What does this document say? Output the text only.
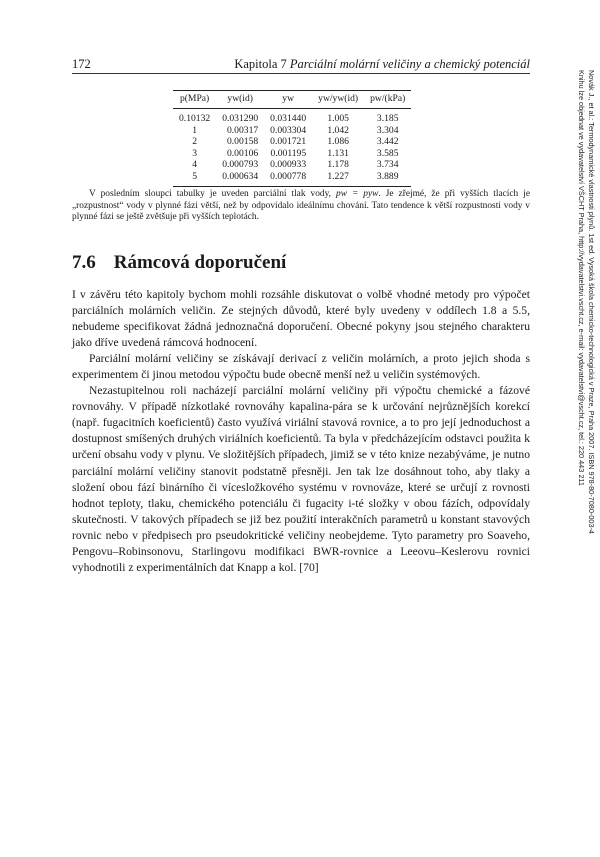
172	Kapitola 7 Parciální molární veličiny a chemický potenciál
p(MPa)	yw(id)	yw	yw/yw(id)	pw/(kPa)
0.10132	0.031290	0.031440	1.005	3.185
1	0.00317	0.003304	1.042	3.304
2	0.00158	0.001721	1.086	3.442
3	0.00106	0.001195	1.131	3.585
4	0.000793	0.000933	1.178	3.734
5	0.000634	0.000778	1.227	3.889
V posledním sloupci tabulky je uveden parciální tlak vody, pw = pyw. Je zřejmé, že při vyšších tlacích je „rozpustnost“ vody v plynné fázi větší, než by odpovídalo ideálnímu chování. Tato tendence k větší rozpustnosti vody v plynné fázi se ještě zvětšuje při vyšších teplotách.
7.6 Rámcová doporučení

I v závěru této kapitoly bychom mohli rozsáhle diskutovat o volbě vhodné metody pro výpočet parciálních molárních veličin. Ze stejných důvodů, které byly uvedeny v oddílech 1.8 a 5.5, nebudeme specifikovat žádná jednoznačná doporučení. Obecné pokyny jsou stejného charakteru jako dříve uvedená rámcová hodnocení.

Parciální molární veličiny se získávají derivací z veličin molárních, a proto jejich shoda s experimentem či jinou metodou výpočtu bude obecně menší než u veličin systémových.

Nezastupitelnou roli nacházejí parciální molární veličiny při výpočtu chemické a fázové rovnováhy. V případě nízkotlaké rovnováhy kapalina-pára se k určování nejrůznějších korekcí (např. fugacitních koeficientů) často využívá viriální stavová rovnice, a to pro její jednoduchost a dostupnost smíšených druhých viriálních koeficientů. Ta byla v předcházejícím odstavci použita k určení obsahu vody v plynu. Ve složitějších případech, jimiž se v této knize nezabýváme, je nutno parciální molární veličiny stanovit podstatně přesněji. Jen tak lze dosáhnout toho, aby tlaky a složení obou fází binárního či vícesložkového systému v rovnováze, které se určují z rovnosti hodnot teploty, tlaku, chemického potenciálu či fugacity i-té složky v obou fázích, odpovídaly skutečnosti. V takových případech se již bez použití interakčních parametrů u konstant stavových rovnic nebo v předpisech pro pseudokritické veličiny neobejdeme. Tyto parametry pro Soaveho, Pengovu–Robinsonovu, Starlingovu modifikaci BWR-rovnice a Leeovu–Keslerovu rovnici vyhodnotili z experimentálních dat Knapp a kol. [70]

Novák J., et al.: Termodynamické vlastnosti plynů. 1st ed. Vysoká škola chemicko-technologická v Praze, Praha 2007. ISBN 978-80-7080-003-4
Knihu lze objednat ve vydavatelství VŠCHT Praha, http://vydavatelstvi.vscht.cz, e-mail: vydavatelstvi@vscht.cz, tel.: 220 443 211
